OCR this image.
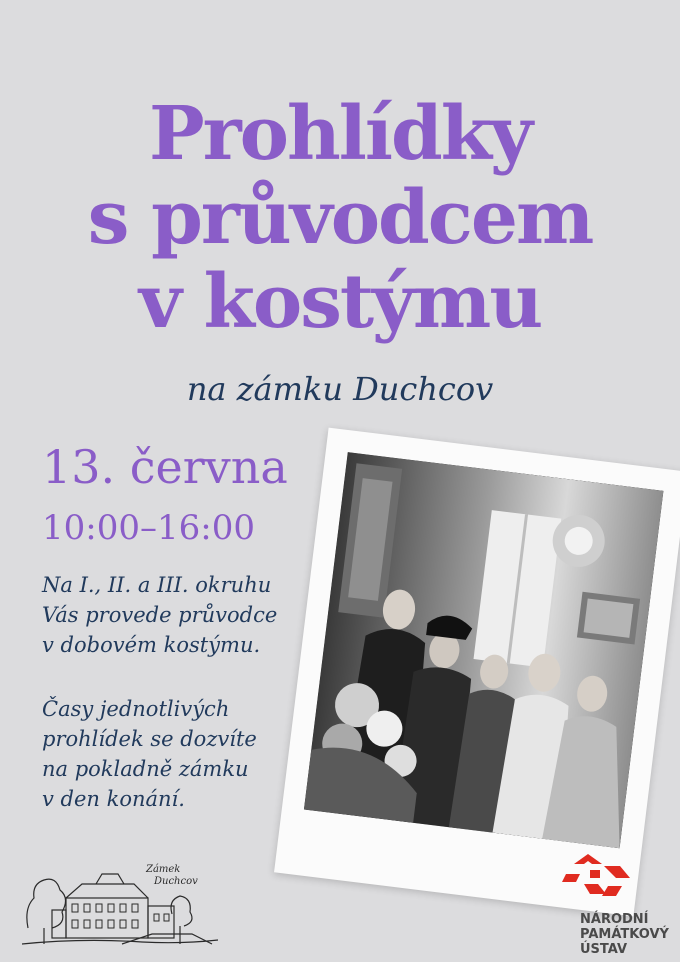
Prohlídky
s průvodcem
v kostýmu
na zámku Duchcov
13. června
10:00–16:00
Na I., II. a III. okruhu
Vás provede průvodce
v dobovém kostýmu.
Časy jednotlivých
prohlídek se dozvíte
na pokladně zámku
v den konání.
Zámek
Duchcov
NÁRODNÍ
PAMÁTKOVÝ
ÚSTAV
